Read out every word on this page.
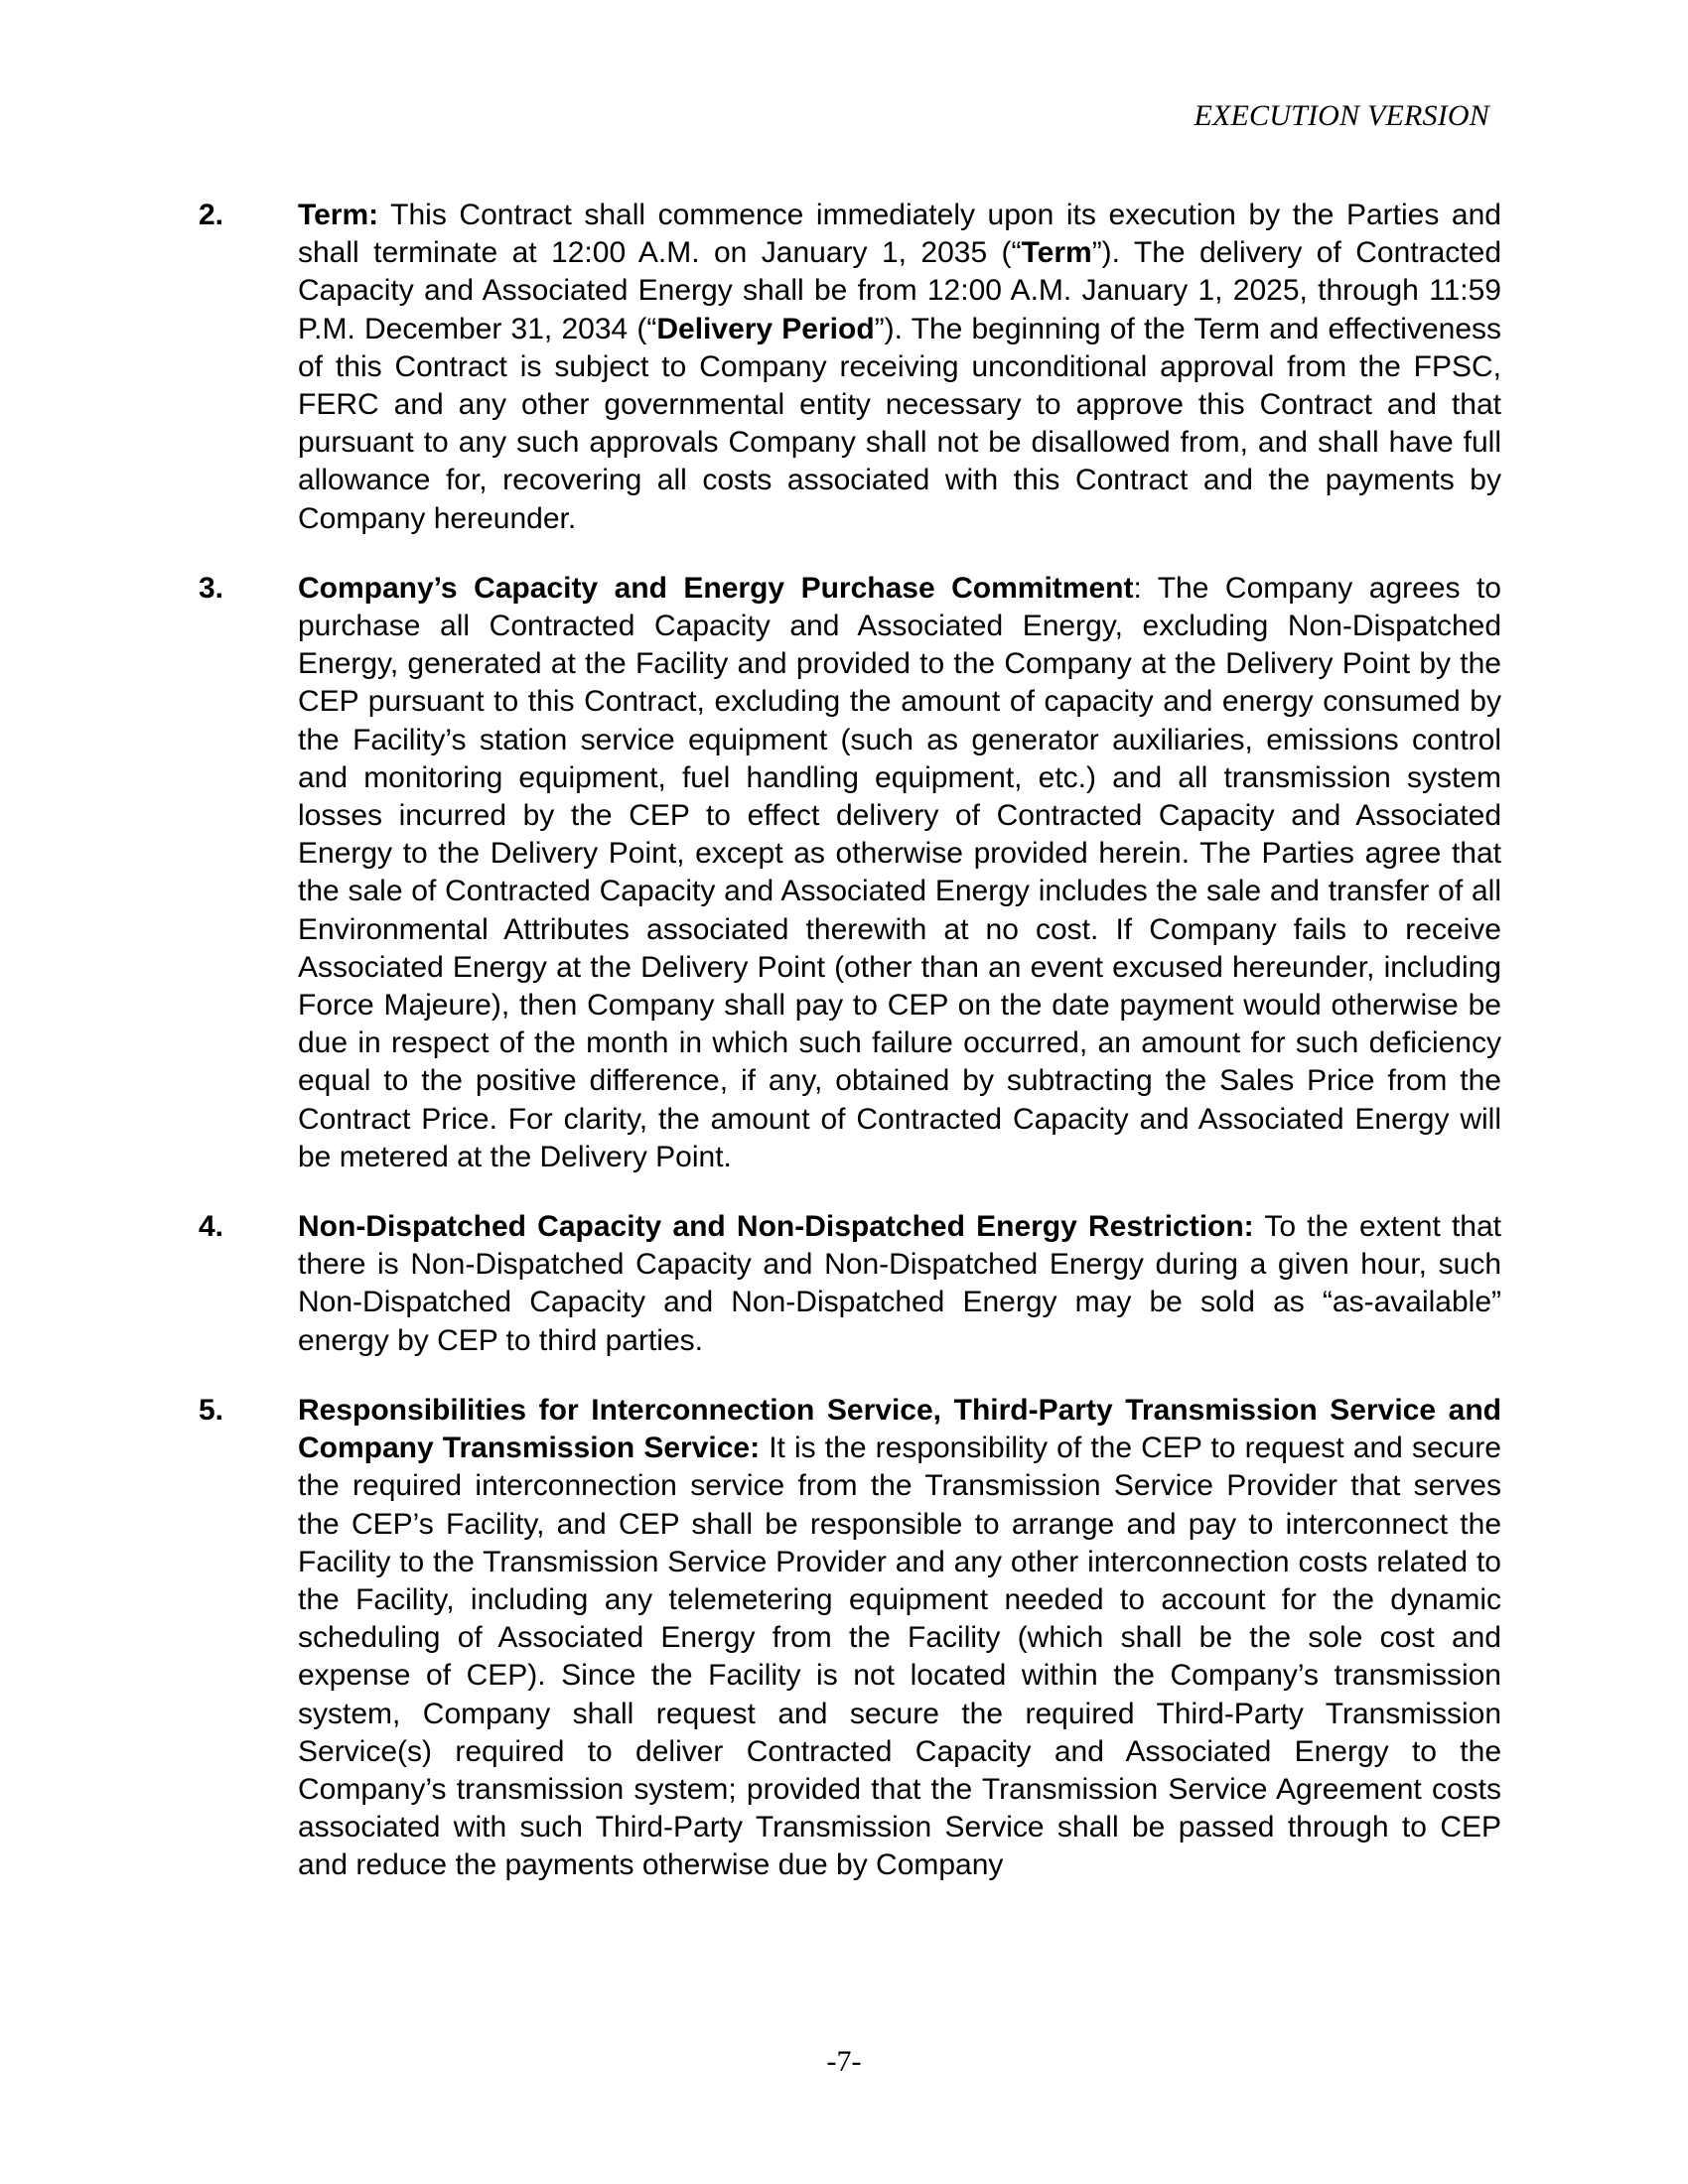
EXECUTION VERSION
2.	Term: This Contract shall commence immediately upon its execution by the Parties and shall terminate at 12:00 A.M. on January 1, 2035 (“Term”). The delivery of Contracted Capacity and Associated Energy shall be from 12:00 A.M. January 1, 2025, through 11:59 P.M. December 31, 2034 (“Delivery Period”). The beginning of the Term and effectiveness of this Contract is subject to Company receiving unconditional approval from the FPSC, FERC and any other governmental entity necessary to approve this Contract and that pursuant to any such approvals Company shall not be disallowed from, and shall have full allowance for, recovering all costs associated with this Contract and the payments by Company hereunder.
3.	Company’s Capacity and Energy Purchase Commitment: The Company agrees to purchase all Contracted Capacity and Associated Energy, excluding Non-Dispatched Energy, generated at the Facility and provided to the Company at the Delivery Point by the CEP pursuant to this Contract, excluding the amount of capacity and energy consumed by the Facility’s station service equipment (such as generator auxiliaries, emissions control and monitoring equipment, fuel handling equipment, etc.) and all transmission system losses incurred by the CEP to effect delivery of Contracted Capacity and Associated Energy to the Delivery Point, except as otherwise provided herein. The Parties agree that the sale of Contracted Capacity and Associated Energy includes the sale and transfer of all Environmental Attributes associated therewith at no cost. If Company fails to receive Associated Energy at the Delivery Point (other than an event excused hereunder, including Force Majeure), then Company shall pay to CEP on the date payment would otherwise be due in respect of the month in which such failure occurred, an amount for such deficiency equal to the positive difference, if any, obtained by subtracting the Sales Price from the Contract Price. For clarity, the amount of Contracted Capacity and Associated Energy will be metered at the Delivery Point.
4.	Non-Dispatched Capacity and Non-Dispatched Energy Restriction: To the extent that there is Non-Dispatched Capacity and Non-Dispatched Energy during a given hour, such Non-Dispatched Capacity and Non-Dispatched Energy may be sold as “as-available” energy by CEP to third parties.
5.	Responsibilities for Interconnection Service, Third-Party Transmission Service and Company Transmission Service: It is the responsibility of the CEP to request and secure the required interconnection service from the Transmission Service Provider that serves the CEP’s Facility, and CEP shall be responsible to arrange and pay to interconnect the Facility to the Transmission Service Provider and any other interconnection costs related to the Facility, including any telemetering equipment needed to account for the dynamic scheduling of Associated Energy from the Facility (which shall be the sole cost and expense of CEP). Since the Facility is not located within the Company’s transmission system, Company shall request and secure the required Third-Party Transmission Service(s) required to deliver Contracted Capacity and Associated Energy to the Company’s transmission system; provided that the Transmission Service Agreement costs associated with such Third-Party Transmission Service shall be passed through to CEP and reduce the payments otherwise due by Company
-7-
